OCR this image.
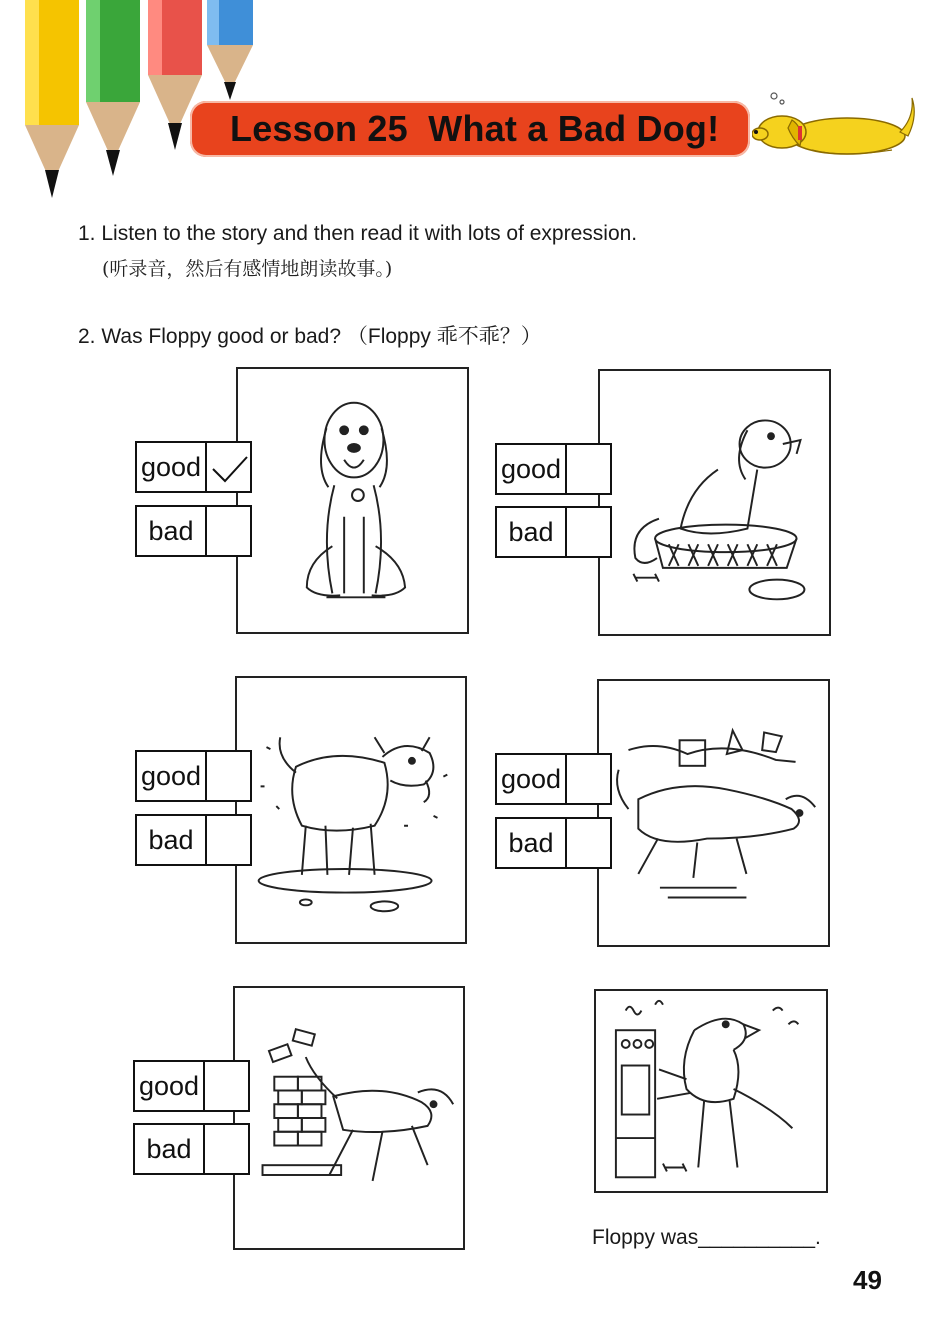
Lesson 25  What a Bad Dog!
1. Listen to the story and then read it with lots of expression.
(听录音，然后有感情地朗读故事。)
2. Was Floppy good or bad? （Floppy 乖不乖？）
good
bad
good
bad
good
bad
good
bad
good
bad
Floppy was__________.
49
